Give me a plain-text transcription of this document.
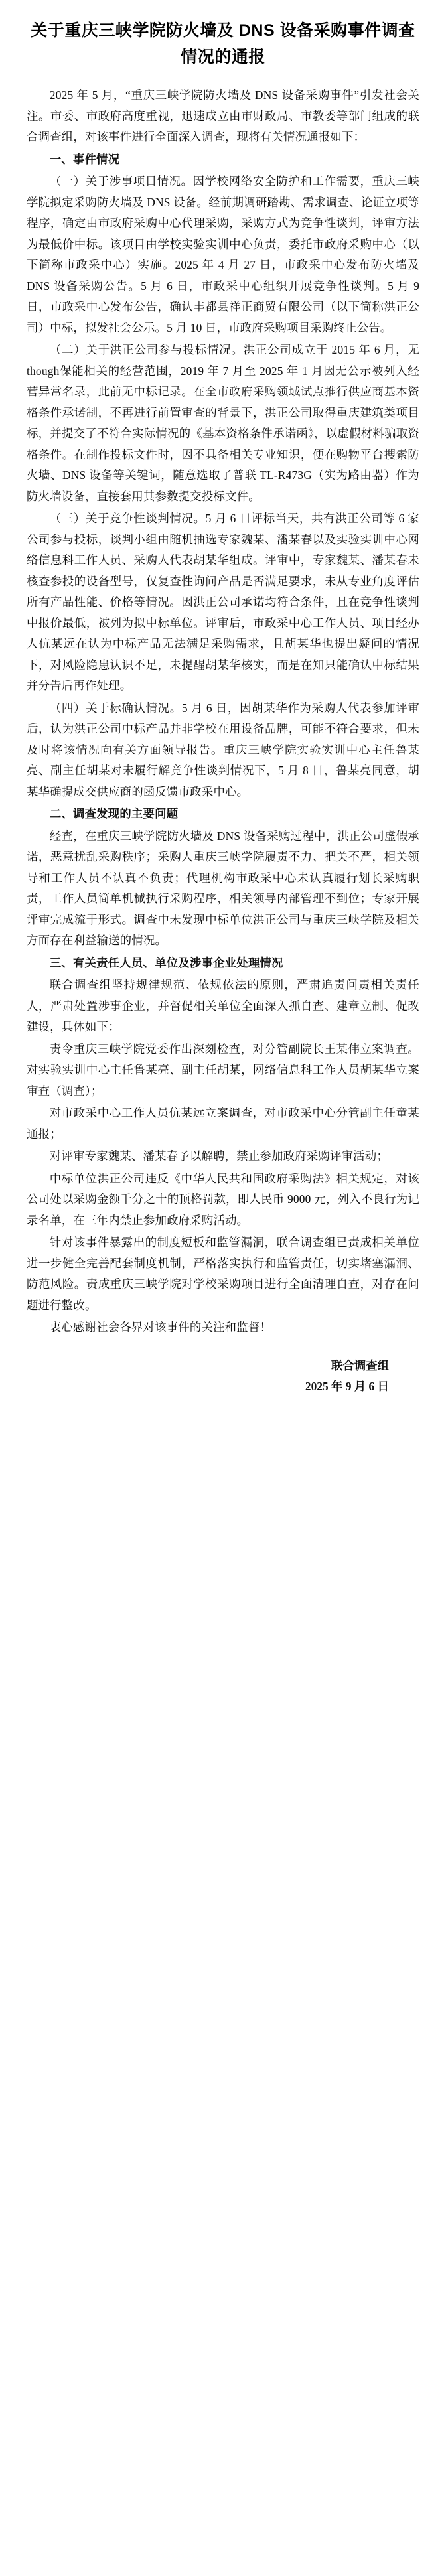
关于重庆三峡学院防火墙及 DNS 设备采购事件调查情况的通报

2025 年 5 月，“重庆三峡学院防火墙及 DNS 设备采购事件”引发社会关注。市委、市政府高度重视，迅速成立由市财政局、市教委等部门组成的联合调查组，对该事件进行全面深入调查，现将有关情况通报如下：

一、事件情况

（一）关于涉事项目情况。因学校网络安全防护和工作需要，重庆三峡学院拟定采购防火墙及 DNS 设备。经前期调研踏勘、需求调查、论证立项等程序，确定由市政府采购中心代理采购，采购方式为竞争性谈判，评审方法为最低价中标。该项目由学校实验实训中心负责，委托市政府采购中心（以下简称市政采中心）实施。2025 年 4 月 27 日，市政采中心发布防火墙及 DNS 设备采购公告。5 月 6 日，市政采中心组织开展竞争性谈判。5 月 9 日，市政采中心发布公告，确认丰都县祥正商贸有限公司（以下简称洪正公司）中标，拟发社会公示。5 月 10 日，市政府采购项目采购终止公告。

（二）关于洪正公司参与投标情况。洪正公司成立于 2015 年 6 月，无though保能相关的经营范围，2019 年 7 月至 2025 年 1 月因无公示被列入经营异常名录，此前无中标记录。在全市政府采购领域试点推行供应商基本资格条件承诺制，不再进行前置审查的背景下，洪正公司取得重庆建筑类项目标，并提交了不符合实际情况的《基本资格条件承诺函》，以虚假材料骗取资格条件。在制作投标文件时，因不具备相关专业知识，便在购物平台搜索防火墙、DNS 设备等关键词，随意选取了普联 TL-R473G（实为路由器）作为防火墙设备，直接套用其参数提交投标文件。

（三）关于竞争性谈判情况。5 月 6 日评标当天，共有洪正公司等 6 家公司参与投标，谈判小组由随机抽选专家魏某、潘某春以及实验实训中心网络信息科工作人员、采购人代表胡某华组成。评审中，专家魏某、潘某春未核查参投的设备型号，仅复查性询问产品是否满足要求，未从专业角度评估所有产品性能、价格等情况。因洪正公司承诺均符合条件，且在竞争性谈判中报价最低，被列为拟中标单位。评审后，市政采中心工作人员、项目经办人伉某远在认为中标产品无法满足采购需求，且胡某华也提出疑问的情况下，对风险隐患认识不足，未提醒胡某华核实，而是在知只能确认中标结果并分告后再作处理。

（四）关于标确认情况。5 月 6 日，因胡某华作为采购人代表参加评审后，认为洪正公司中标产品并非学校在用设备品牌，可能不符合要求，但未及时将该情况向有关方面领导报告。重庆三峡学院实验实训中心主任鲁某亮、副主任胡某对未履行解竞争性谈判情况下，5 月 8 日，鲁某亮同意，胡某华确提成交供应商的函反馈市政采中心。

二、调查发现的主要问题

经查，在重庆三峡学院防火墙及 DNS 设备采购过程中，洪正公司虚假承诺，恶意扰乱采购秩序；采购人重庆三峡学院履责不力、把关不严，相关领导和工作人员不认真不负责；代理机构市政采中心未认真履行划长采购职责，工作人员简单机械执行采购程序，相关领导内部管理不到位；专家开展评审完成流于形式。调查中未发现中标单位洪正公司与重庆三峡学院及相关方面存在利益输送的情况。

三、有关责任人员、单位及涉事企业处理情况

联合调查组坚持规律规范、依规依法的原则，严肃追责问责相关责任人，严肃处置涉事企业，并督促相关单位全面深入抓自查、建章立制、促改建设，具体如下：

责令重庆三峡学院党委作出深刻检查，对分管副院长王某伟立案调查。对实验实训中心主任鲁某亮、副主任胡某，网络信息科工作人员胡某华立案审查（调查）；

对市政采中心工作人员伉某远立案调查，对市政采中心分管副主任童某通报；

对评审专家魏某、潘某春予以解聘，禁止参加政府采购评审活动；

中标单位洪正公司违反《中华人民共和国政府采购法》相关规定，对该公司处以采购金额千分之十的顶格罚款，即人民币 9000 元，列入不良行为记录名单，在三年内禁止参加政府采购活动。

针对该事件暴露出的制度短板和监管漏洞，联合调查组已责成相关单位进一步健全完善配套制度机制，严格落实执行和监管责任，切实堵塞漏洞、防范风险。责成重庆三峡学院对学校采购项目进行全面清理自查，对存在问题进行整改。

衷心感谢社会各界对该事件的关注和监督！

联合调查组
2025 年 9 月 6 日
